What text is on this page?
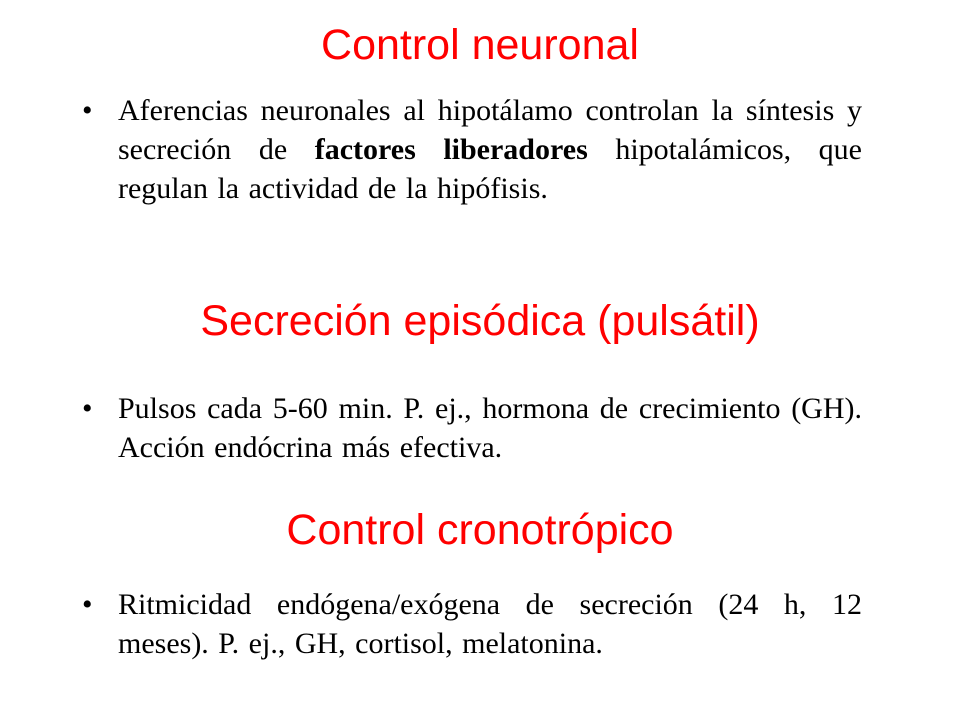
Control neuronal
• Aferencias neuronales al hipotálamo controlan la síntesis y secreción de factores liberadores hipotalámicos, que regulan la actividad de la hipófisis.
Secreción episódica (pulsátil)
• Pulsos cada 5-60 min. P. ej., hormona de crecimiento (GH). Acción endócrina más efectiva.
Control cronotrópico
• Ritmicidad endógena/exógena de secreción (24 h, 12 meses). P. ej., GH, cortisol, melatonina.
